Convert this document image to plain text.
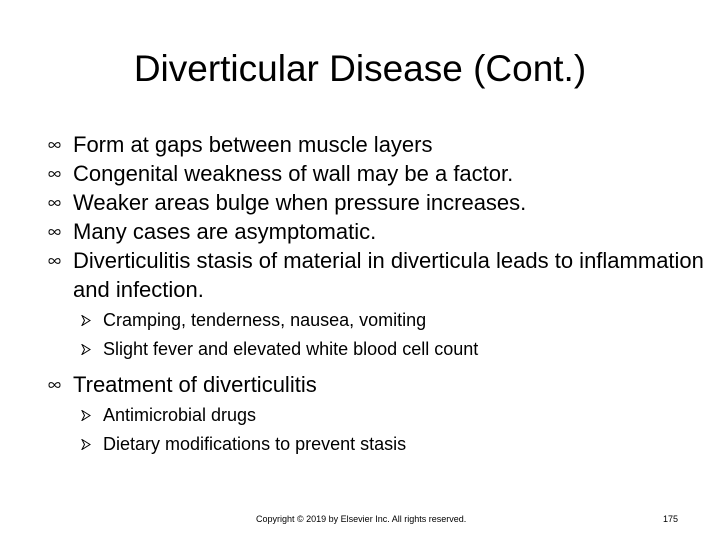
Diverticular Disease (Cont.)
Form at gaps between muscle layers
Congenital weakness of wall may be a factor.
Weaker areas bulge when pressure increases.
Many cases are asymptomatic.
Diverticulitis stasis of material in diverticula leads to inflammation and infection.
Cramping, tenderness, nausea, vomiting
Slight fever and elevated white blood cell count
Treatment of diverticulitis
Antimicrobial drugs
Dietary modifications to prevent stasis
Copyright © 2019 by Elsevier Inc. All rights reserved.	175
